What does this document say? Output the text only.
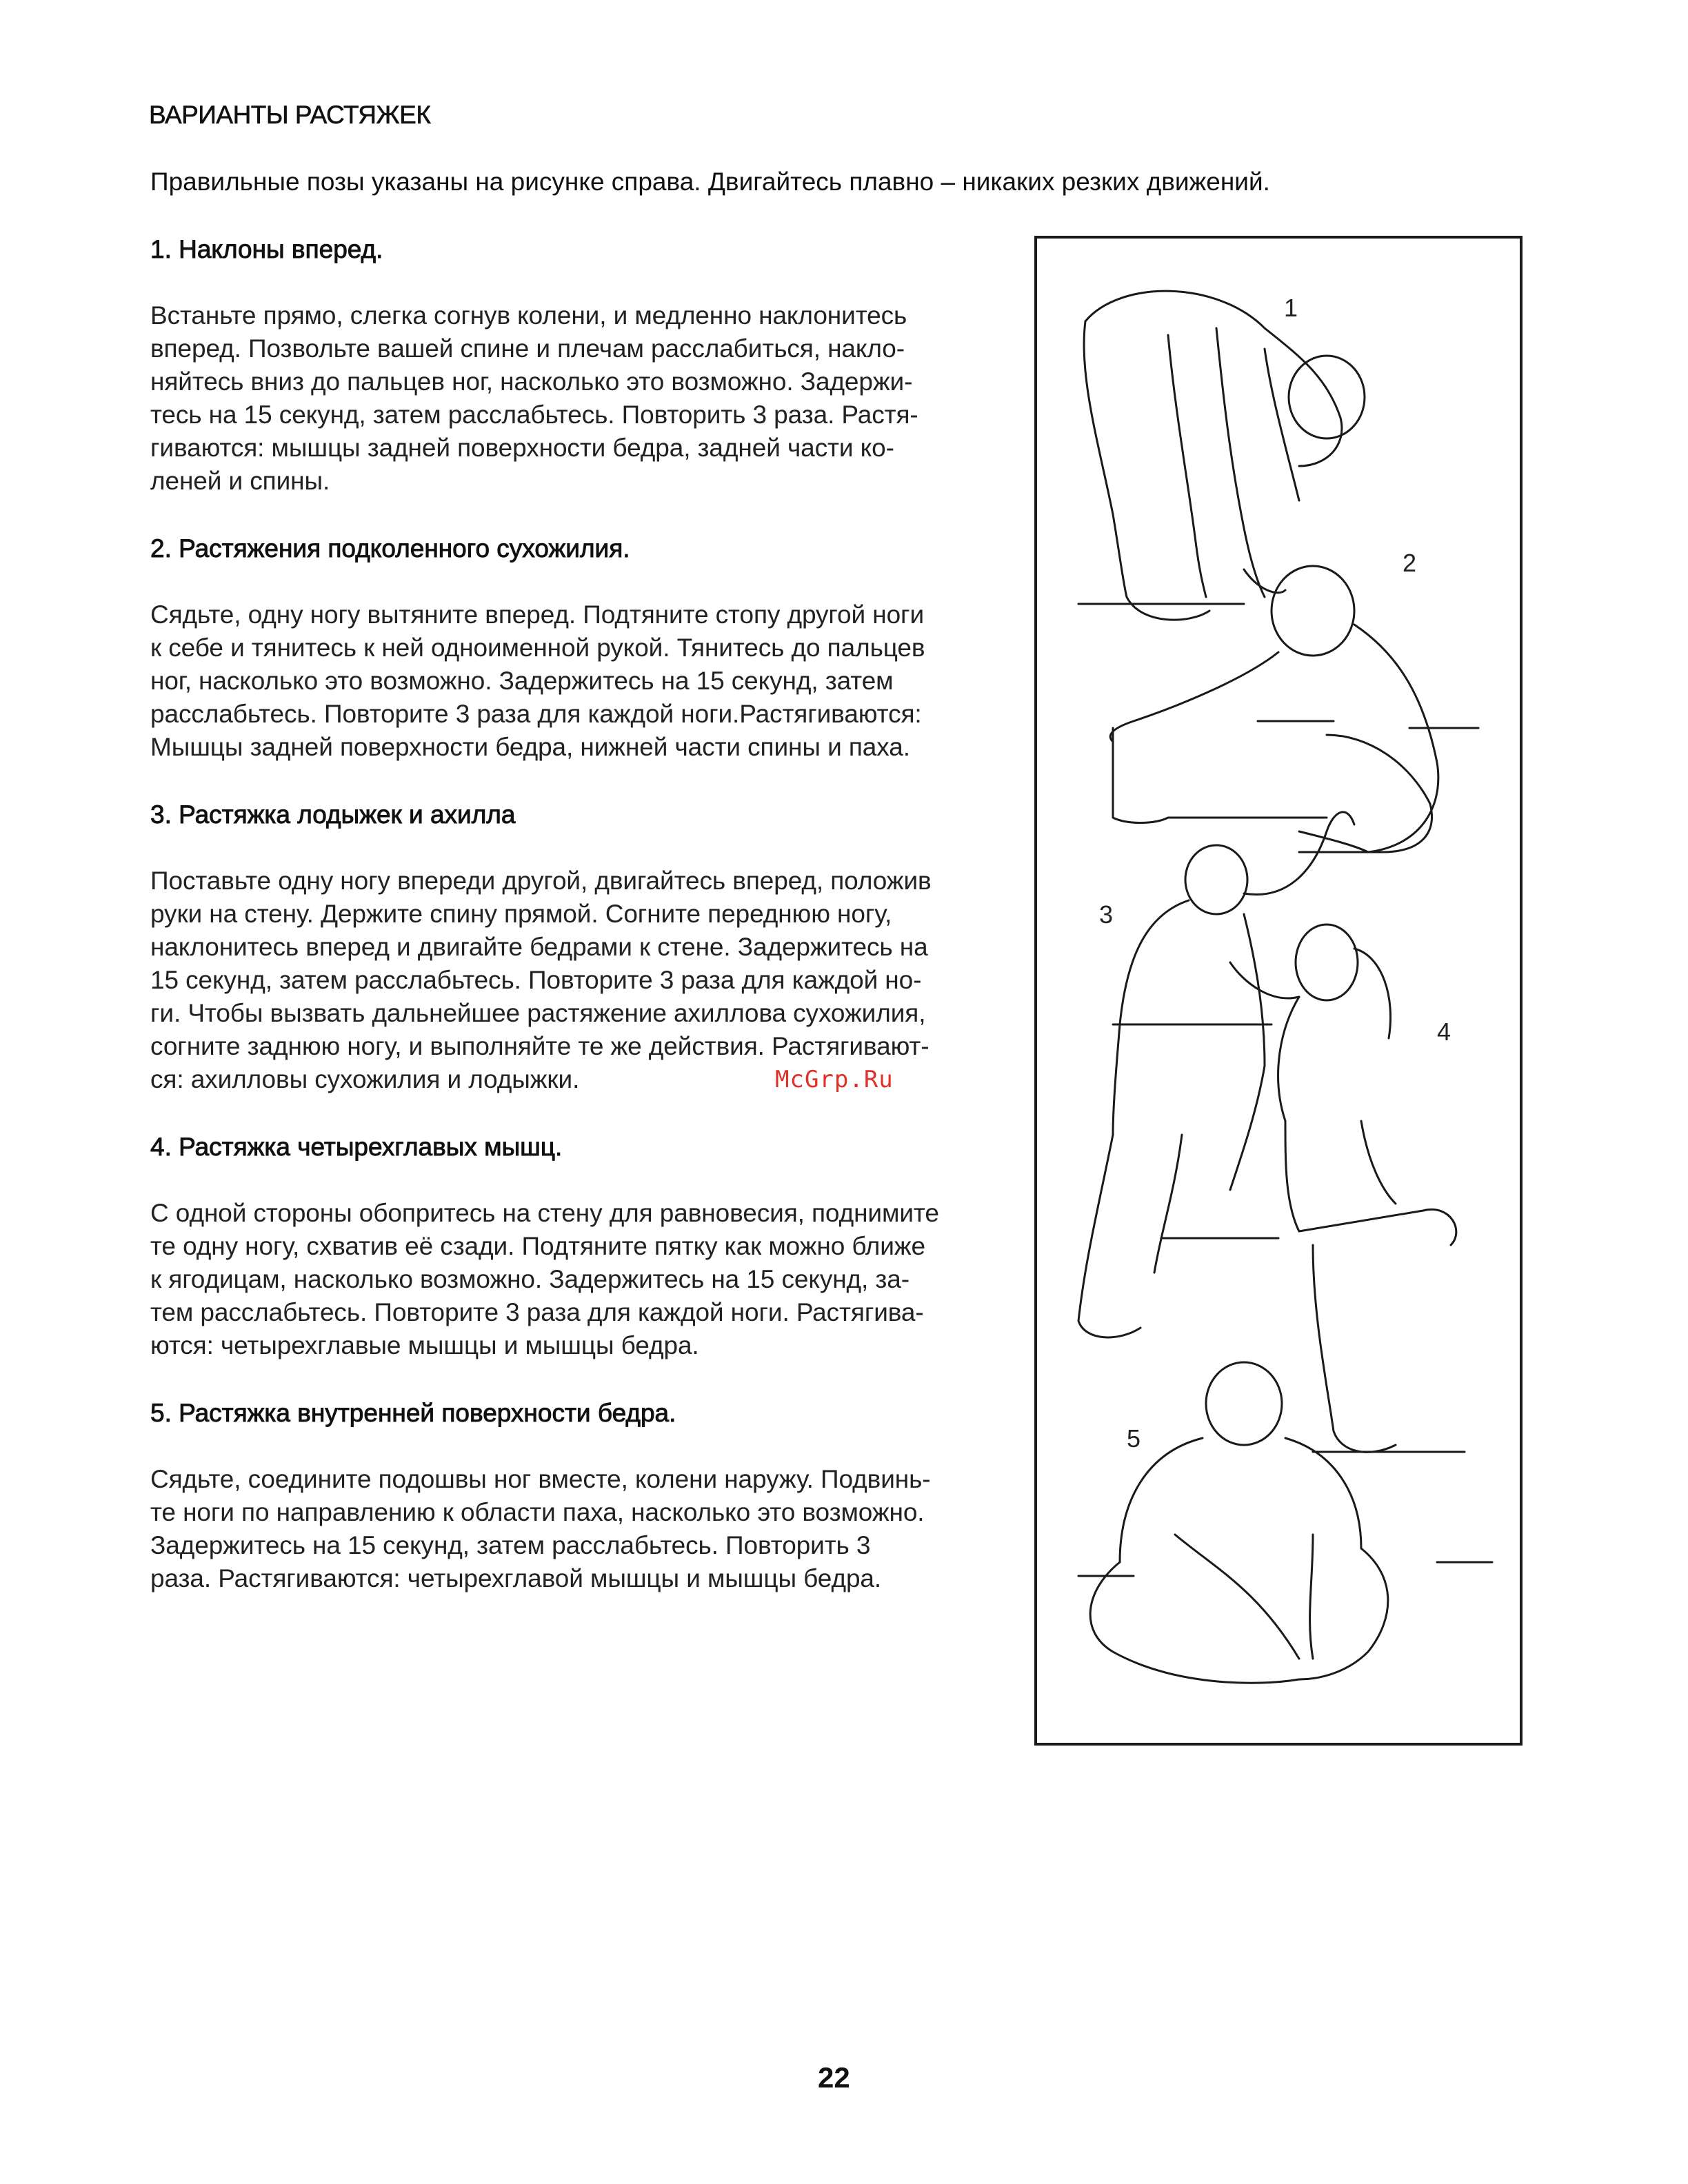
ВАРИАНТЫ РАСТЯЖЕК
Правильные позы указаны на рисунке справа. Двигайтесь плавно – никаких резких движений.
1. Наклоны вперед.

Встаньте прямо, слегка согнув колени, и медленно наклонитесь
вперед. Позвольте вашей спине и плечам расслабиться, накло-
няйтесь вниз до пальцев ног, насколько это возможно. Задержи-
тесь на 15 секунд, затем расслабьтесь. Повторить 3 раза. Растя-
гиваются: мышцы задней поверхности бедра, задней части ко-
леней и спины.

2. Растяжения подколенного сухожилия.

Сядьте, одну ногу вытяните вперед. Подтяните стопу другой ноги
к себе и тянитесь к ней одноименной рукой. Тянитесь до пальцев
ног, насколько это возможно. Задержитесь на 15 секунд, затем
расслабьтесь. Повторите 3 раза для каждой ноги.Растягиваются:
Мышцы задней поверхности бедра, нижней части спины и паха.

3. Растяжка лодыжек и ахилла

Поставьте одну ногу впереди другой, двигайтесь вперед, положив
руки на стену. Держите спину прямой. Согните переднюю ногу,
наклонитесь вперед и двигайте бедрами к стене. Задержитесь на
15 секунд, затем расслабьтесь. Повторите 3 раза для каждой но-
ги. Чтобы вызвать дальнейшее растяжение ахиллова сухожилия,
согните заднюю ногу, и выполняйте те же действия. Растягивают-
ся: ахилловы сухожилия и лодыжки.

4. Растяжка четырехглавых мышц.

С одной стороны обопритесь на стену для равновесия, поднимите
те одну ногу, схватив её сзади. Подтяните пятку как можно ближе
к ягодицам, насколько возможно. Задержитесь на 15 секунд, за-
тем расслабьтесь. Повторите 3 раза для каждой ноги. Растягива-
ются: четырехглавые мышцы и мышцы бедра.

5. Растяжка внутренней поверхности бедра.

Сядьте, соедините подошвы ног вместе, колени наружу. Подвинь-
те ноги по направлению к области паха, насколько это возможно.
Задержитесь на 15 секунд, затем расслабьтесь. Повторить 3
раза. Растягиваются: четырехглавой мышцы и мышцы бедра.

1
2
3
4
5
McGrp.Ru
22
